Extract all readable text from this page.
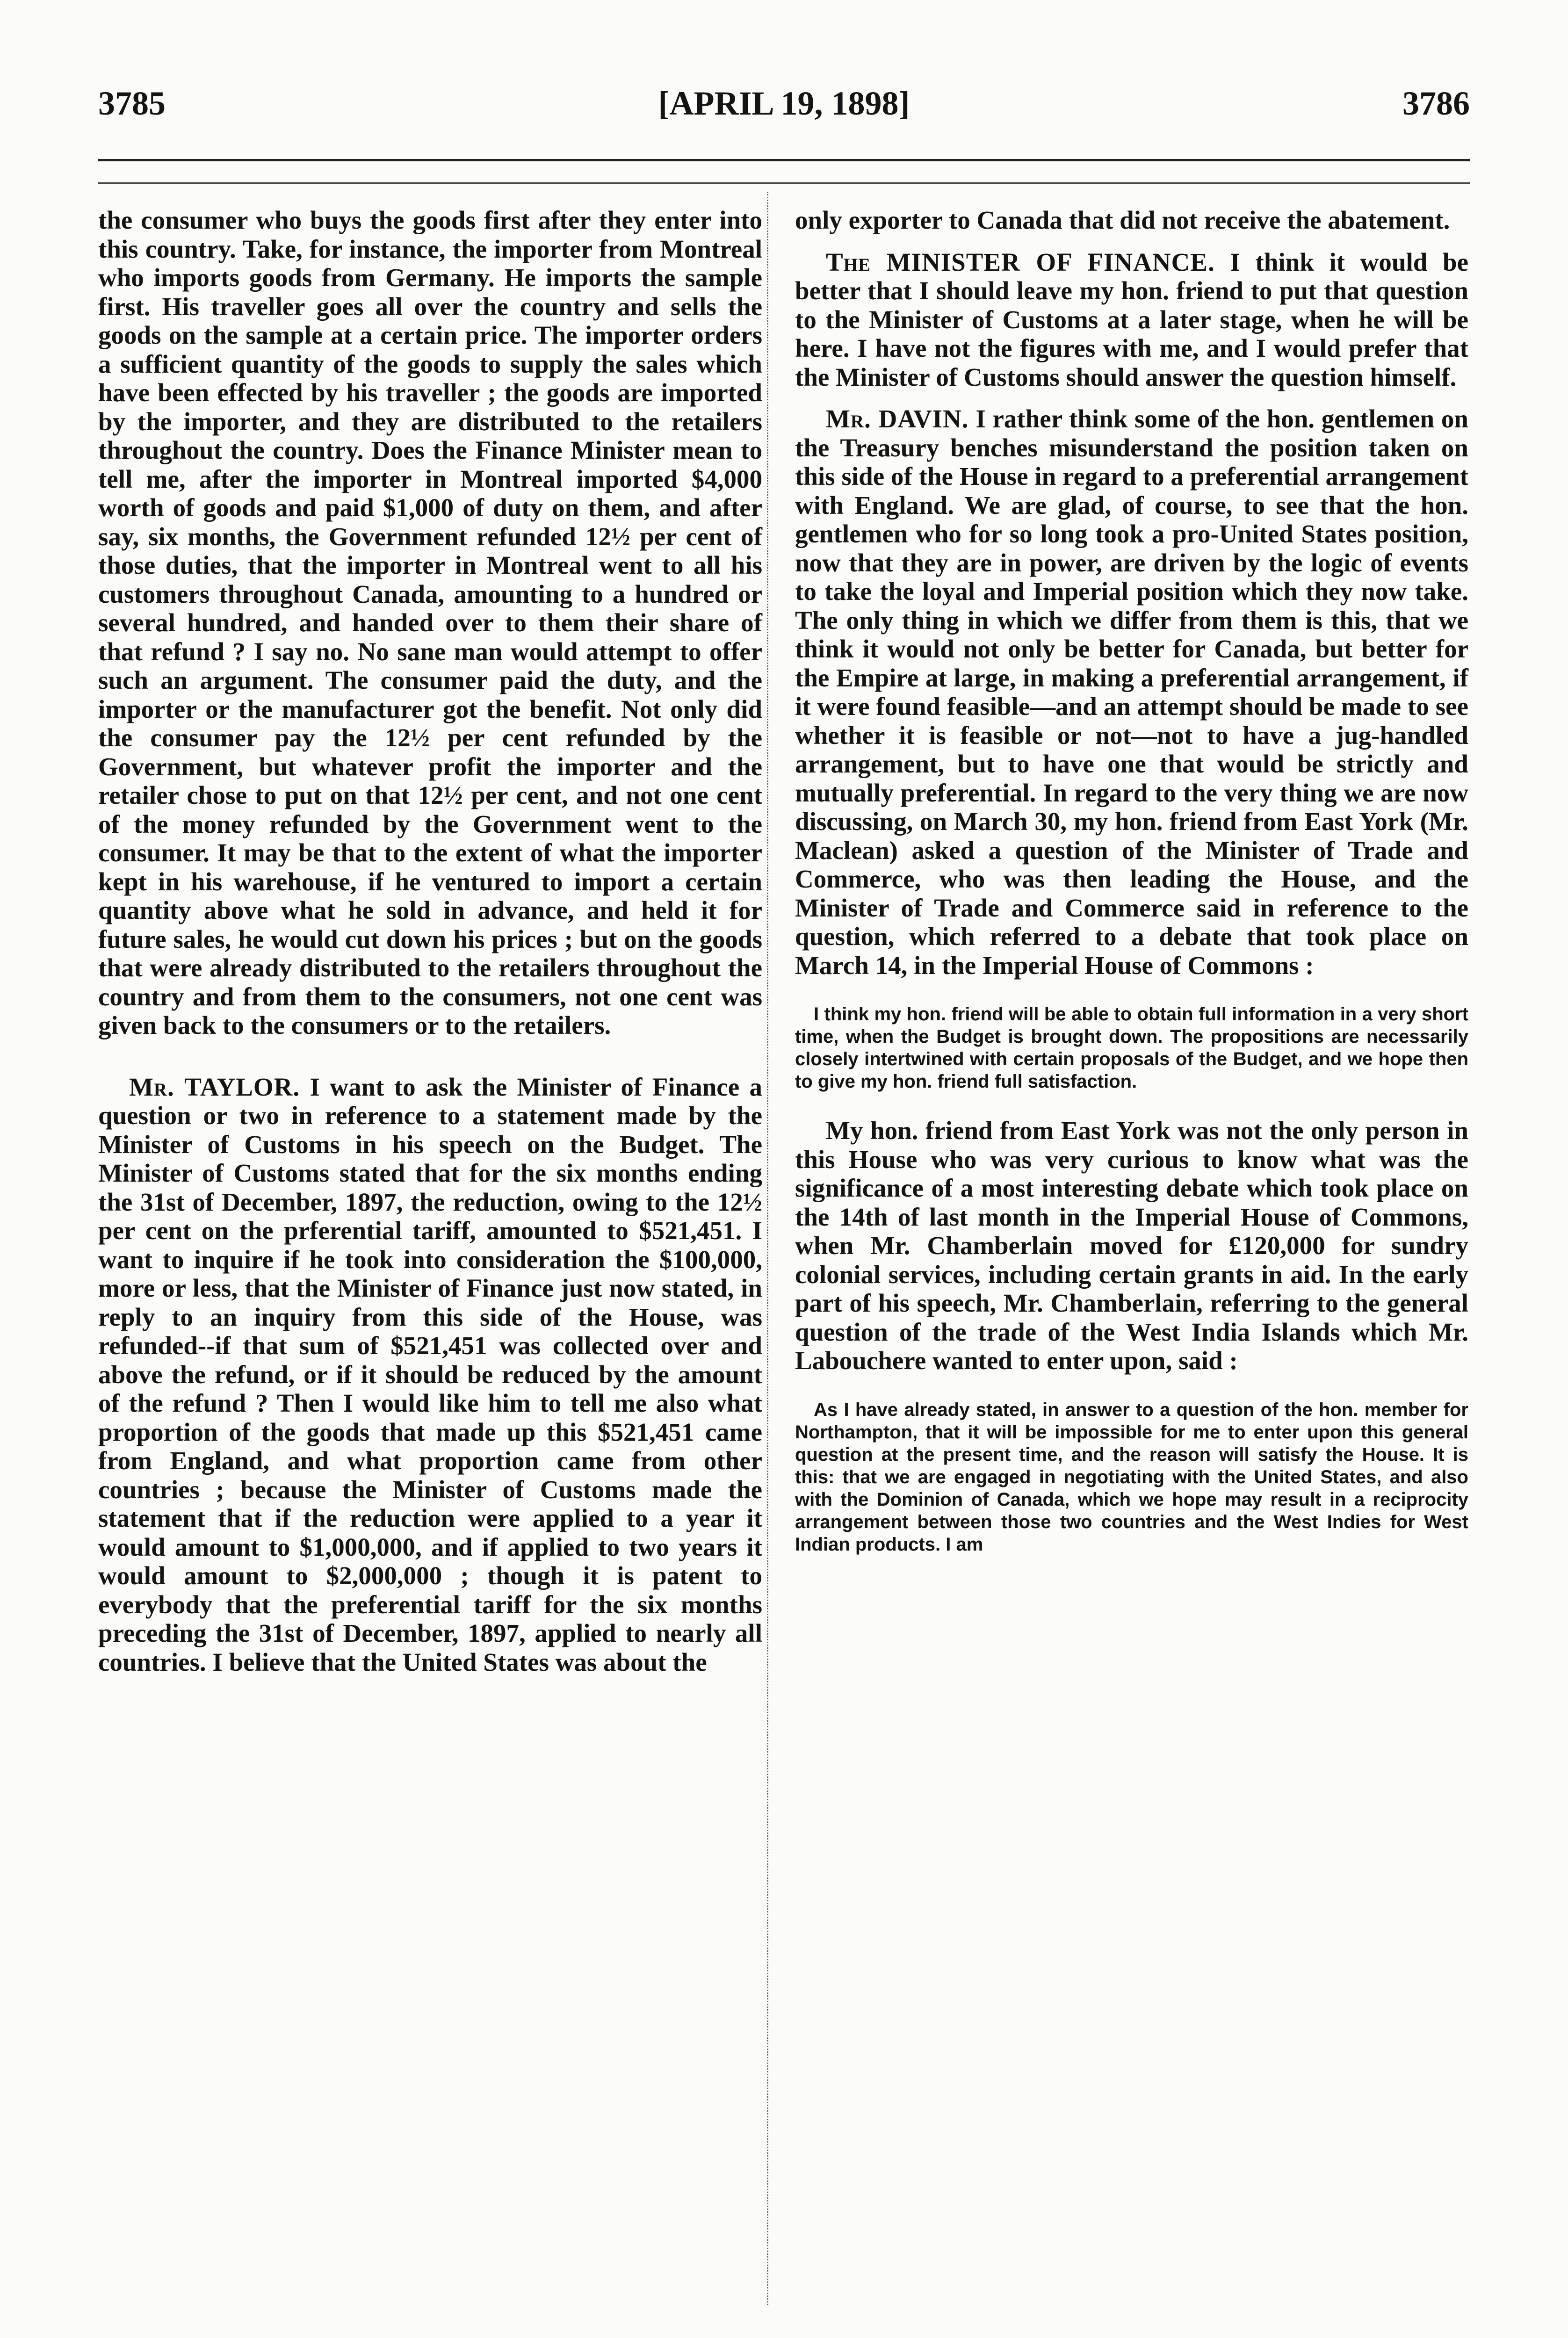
3785	[APRIL 19, 1898]	3786

the consumer who buys the goods first after they enter into this country. Take, for instance, the importer from Montreal who imports goods from Germany. He imports the sample first. His traveller goes all over the country and sells the goods on the sample at a certain price. The importer orders a sufficient quantity of the goods to supply the sales which have been effected by his traveller ; the goods are imported by the importer, and they are distributed to the retailers throughout the country. Does the Finance Minister mean to tell me, after the importer in Montreal imported $4,000 worth of goods and paid $1,000 of duty on them, and after say, six months, the Government refunded 12½ per cent of those duties, that the importer in Montreal went to all his customers throughout Canada, amounting to a hundred or several hundred, and handed over to them their share of that refund ? I say no. No sane man would attempt to offer such an argument. The consumer paid the duty, and the importer or the manufacturer got the benefit. Not only did the consumer pay the 12½ per cent refunded by the Government, but whatever profit the importer and the retailer chose to put on that 12½ per cent, and not one cent of the money refunded by the Government went to the consumer. It may be that to the extent of what the importer kept in his warehouse, if he ventured to import a certain quantity above what he sold in advance, and held it for future sales, he would cut down his prices ; but on the goods that were already distributed to the retailers throughout the country and from them to the consumers, not one cent was given back to the consumers or to the retailers.

Mr. TAYLOR. I want to ask the Minister of Finance a question or two in reference to a statement made by the Minister of Customs in his speech on the Budget. The Minister of Customs stated that for the six months ending the 31st of December, 1897, the reduction, owing to the 12½ per cent on the prferential tariff, amounted to $521,451. I want to inquire if he took into consideration the $100,000, more or less, that the Minister of Finance just now stated, in reply to an inquiry from this side of the House, was refunded--if that sum of $521,451 was collected over and above the refund, or if it should be reduced by the amount of the refund ? Then I would like him to tell me also what proportion of the goods that made up this $521,451 came from England, and what proportion came from other countries ; because the Minister of Customs made the statement that if the reduction were applied to a year it would amount to $1,000,000, and if applied to two years it would amount to $2,000,000 ; though it is patent to everybody that the preferential tariff for the six months preceding the 31st of December, 1897, applied to nearly all countries. I believe that the United States was about the

only exporter to Canada that did not receive the abatement.

The MINISTER OF FINANCE. I think it would be better that I should leave my hon. friend to put that question to the Minister of Customs at a later stage, when he will be here. I have not the figures with me, and I would prefer that the Minister of Customs should answer the question himself.

Mr. DAVIN. I rather think some of the hon. gentlemen on the Treasury benches misunderstand the position taken on this side of the House in regard to a preferential arrangement with England. We are glad, of course, to see that the hon. gentlemen who for so long took a pro-United States position, now that they are in power, are driven by the logic of events to take the loyal and Imperial position which they now take. The only thing in which we differ from them is this, that we think it would not only be better for Canada, but better for the Empire at large, in making a preferential arrangement, if it were found feasible—and an attempt should be made to see whether it is feasible or not—not to have a jug-handled arrangement, but to have one that would be strictly and mutually preferential. In regard to the very thing we are now discussing, on March 30, my hon. friend from East York (Mr. Maclean) asked a question of the Minister of Trade and Commerce, who was then leading the House, and the Minister of Trade and Commerce said in reference to the question, which referred to a debate that took place on March 14, in the Imperial House of Commons :

I think my hon. friend will be able to obtain full information in a very short time, when the Budget is brought down. The propositions are necessarily closely intertwined with certain proposals of the Budget, and we hope then to give my hon. friend full satisfaction.

My hon. friend from East York was not the only person in this House who was very curious to know what was the significance of a most interesting debate which took place on the 14th of last month in the Imperial House of Commons, when Mr. Chamberlain moved for £120,000 for sundry colonial services, including certain grants in aid. In the early part of his speech, Mr. Chamberlain, referring to the general question of the trade of the West India Islands which Mr. Labouchere wanted to enter upon, said :

As I have already stated, in answer to a question of the hon. member for Northampton, that it will be impossible for me to enter upon this general question at the present time, and the reason will satisfy the House. It is this: that we are engaged in negotiating with the United States, and also with the Dominion of Canada, which we hope may result in a reciprocity arrangement between those two countries and the West Indies for West Indian products. I am
